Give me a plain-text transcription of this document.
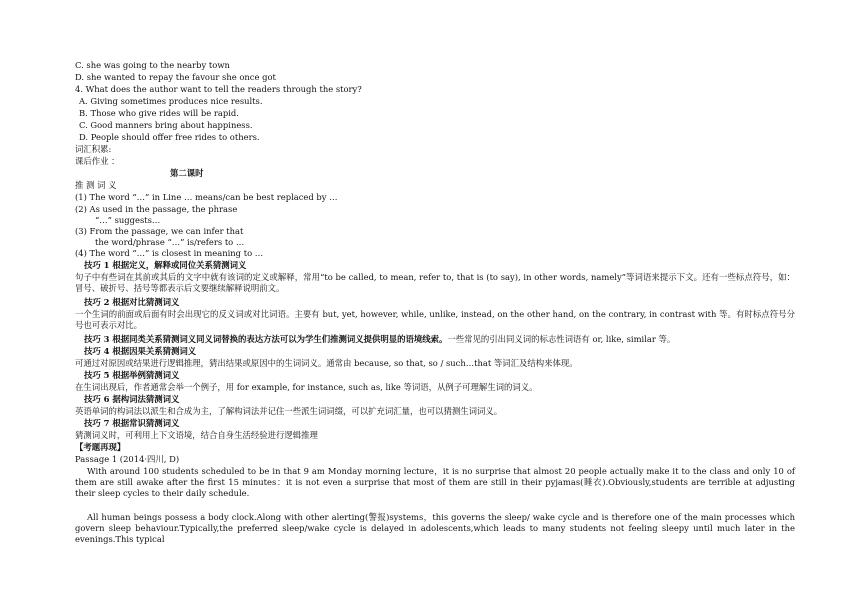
C. she was going to the nearby town
D. she wanted to repay the favour she once got
4. What does the author want to tell the readers through the story?
A. Giving sometimes produces nice results.
B. Those who give rides will be rapid.
C. Good manners bring about happiness.
D. People should offer free rides to others.
词汇积累:
课后作业 ：
第二课时
推 测 词 义
(1) The word “…” in Line … means/can be best replaced by …
(2) As used in the passage, the phrase
“…” suggests…
(3) From the passage, we can infer that
the word/phrase “…” is/refers to …
(4) The word “…” is closest in meaning to …
技巧 1 根据定义，解释或同位关系猜测词义
句子中有些词在其前或其后的文字中就有该词的定义或解释，常用“to be called, to mean, refer to, that is (to say), in other words, namely”等词语来提示下文。还有一些标点符号，如：冒号、破折号、括号等都表示后文要继续解释说明前文。
技巧 2 根据对比猜测词义
一个生词的前面或后面有时会出现它的反义词或对比词语。主要有 but, yet, however, while, unlike, instead, on the other hand, on the contrary, in contrast with 等。有时标点符号分号也可表示对比。
技巧 3 根据同类关系猜测词义同义词替换的表达方法可以为学生们推测词义提供明显的语境线索。一些常见的引出同义词的标志性词语有 or, like, similar 等。
技巧 4 根据因果关系猜测词义
可通过对原因或结果进行逻辑推理，猜出结果或原因中的生词词义。通常由 because, so that, so / such…that 等词汇及结构来体现。
技巧 5 根据举例猜测词义
在生词出现后，作者通常会举一个例子，用 for example, for instance, such as, like 等词语，从例子可理解生词的词义。
技巧 6 据构词法猜测词义
英语单词的构词法以派生和合成为主，了解构词法并记住一些派生词词缀，可以扩充词汇量，也可以猜测生词词义。
技巧 7 根据常识猜测词义
猜测词义时，可利用上下文语境，结合自身生活经验进行逻辑推理
【考题再现】
Passage 1 (2014·四川, D)
With around 100 students scheduled to be in that 9 am Monday morning lecture，it is no surprise that almost 20 people actually make it to the class and only 10 of them are still awake after the first 15 minutes：it is not even a surprise that most of them are still in their pyjamas(睡衣).Obviously,students are terrible at adjusting their sleep cycles to their daily schedule.
All human beings possess a body clock.Along with other alerting(警报)systems，this governs the sleep/ wake cycle and is therefore one of the main processes which govern sleep behaviour.Typically,the preferred sleep/wake cycle is delayed in adolescents,which leads to many students not feeling sleepy until much later in the evenings.This typical
